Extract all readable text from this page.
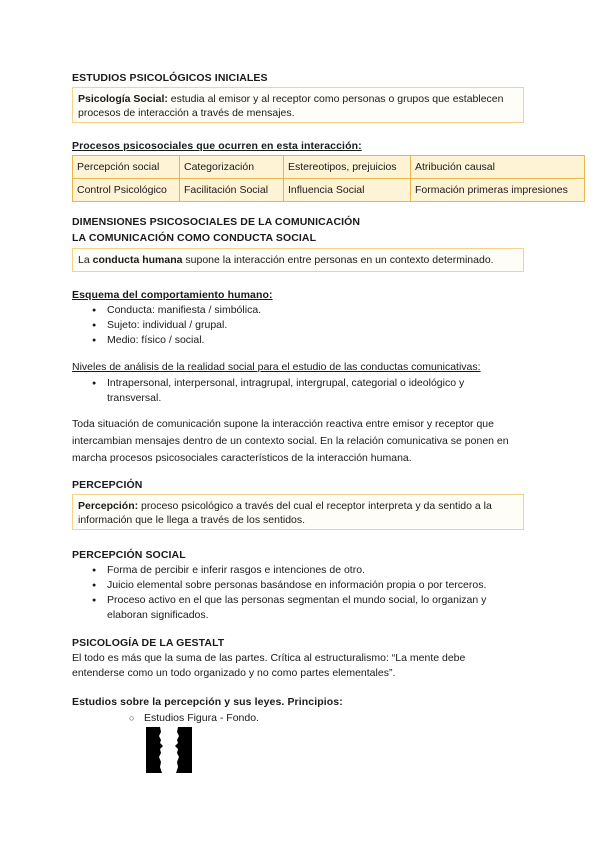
ESTUDIOS PSICOLÓGICOS INICIALES
Psicología Social: estudia al emisor y al receptor como personas o grupos que establecen procesos de interacción a través de mensajes.
Procesos psicosociales que ocurren en esta interacción:
Percepción social	Categorización	Estereotipos, prejuicios	Atribución causal
Control Psicológico	Facilitación Social	Influencia Social	Formación primeras impresiones
DIMENSIONES PSICOSOCIALES DE LA COMUNICACIÓN
LA COMUNICACIÓN COMO CONDUCTA SOCIAL
La conducta humana supone la interacción entre personas en un contexto determinado.
Esquema del comportamiento humano:
● Conducta: manifiesta / simbólica.
● Sujeto: individual / grupal.
● Medio: físico / social.
Niveles de análisis de la realidad social para el estudio de las conductas comunicativas:
● Intrapersonal, interpersonal, intragrupal, intergrupal, categorial o ideológico y transversal.
Toda situación de comunicación supone la interacción reactiva entre emisor y receptor que intercambian mensajes dentro de un contexto social. En la relación comunicativa se ponen en marcha procesos psicosociales característicos de la interacción humana.
PERCEPCIÓN
Percepción: proceso psicológico a través del cual el receptor interpreta y da sentido a la información que le llega a través de los sentidos.
PERCEPCIÓN SOCIAL
● Forma de percibir e inferir rasgos e intenciones de otro.
● Juicio elemental sobre personas basándose en información propia o por terceros.
● Proceso activo en el que las personas segmentan el mundo social, lo organizan y elaboran significados.
PSICOLOGÍA DE LA GESTALT
El todo es más que la suma de las partes. Crítica al estructuralismo: “La mente debe entenderse como un todo organizado y no como partes elementales”.
Estudios sobre la percepción y sus leyes. Principios:
○ Estudios Figura - Fondo.
